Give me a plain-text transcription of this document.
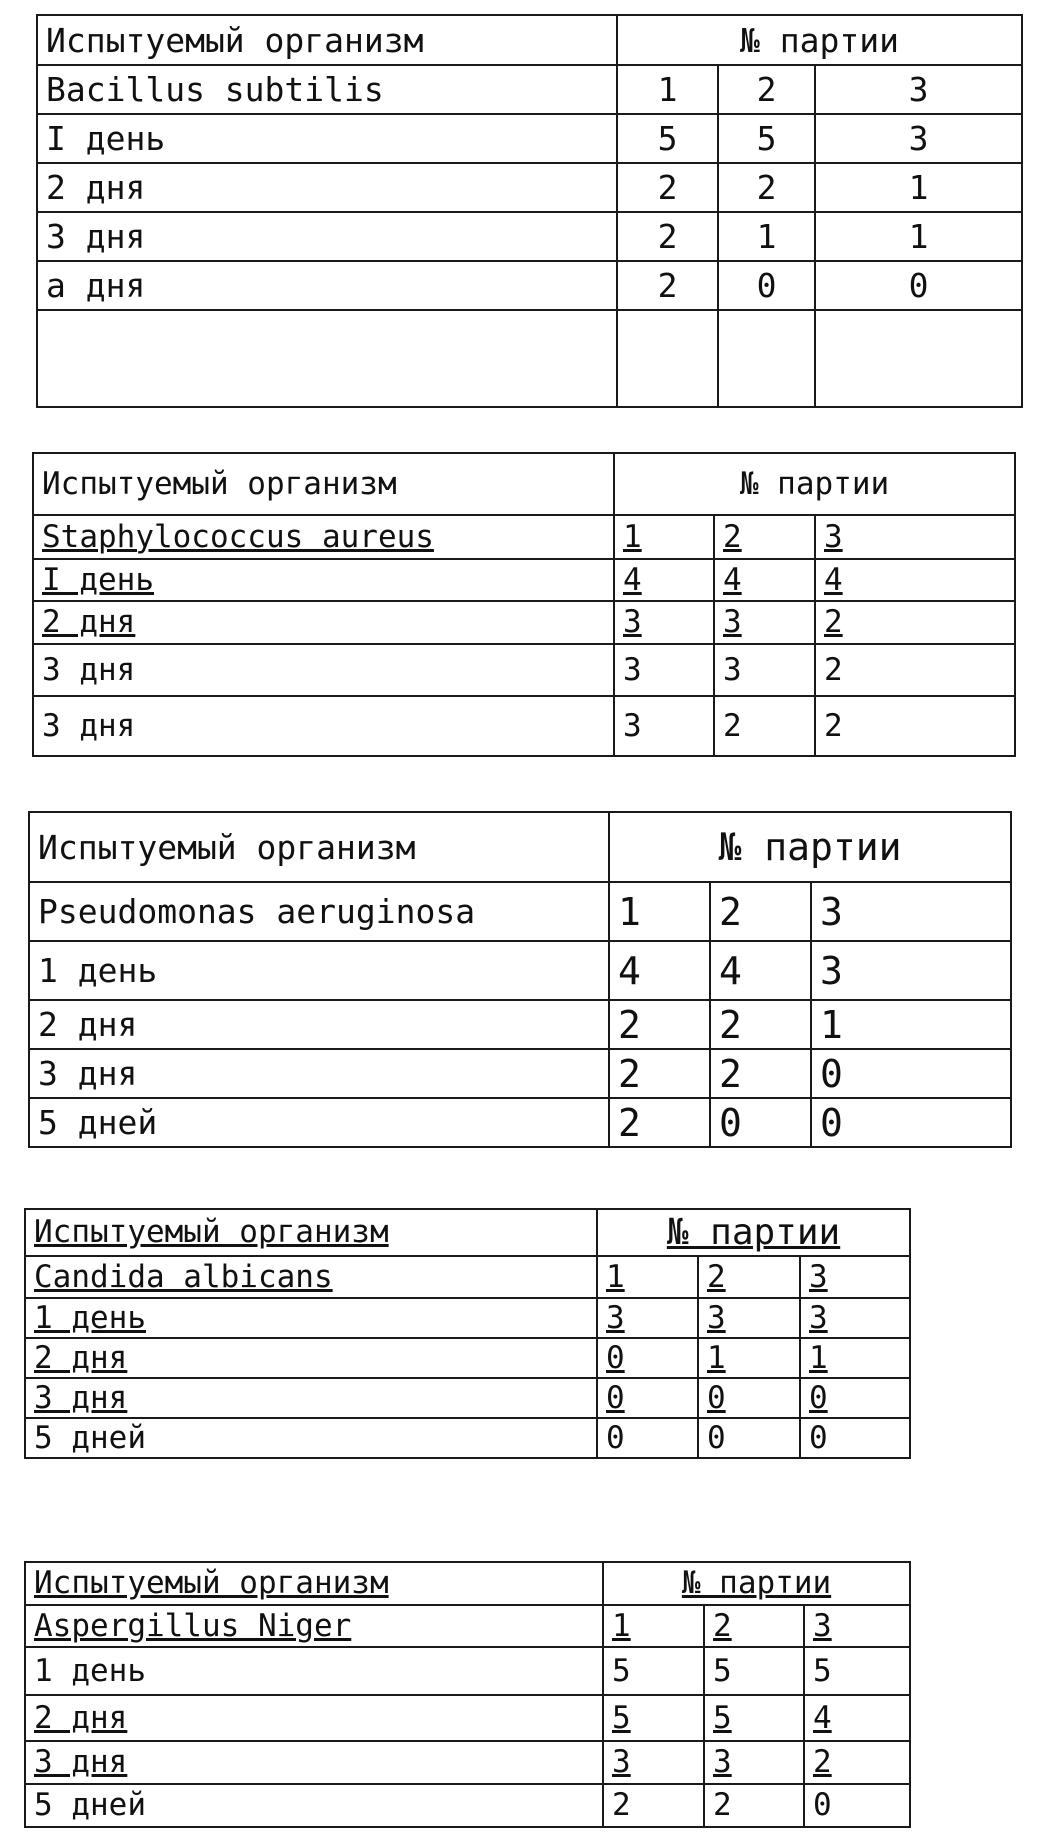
Испытуемый организм	№ партии		
Bacillus subtilis	1	2	3
I день	5	5	3
2 дня	2	2	1
3 дня	2	1	1
а дня	2	0	0

Испытуемый организм	№ партии		
Staphylococcus aureus	1	2	3
I день	4	4	4
2 дня	3	3	2
3 дня	3	3	2
3 дня	3	2	2
Испытуемый организм	№ партии		
Pseudomonas aeruginosa	1	2	3
1 день	4	4	3
2 дня	2	2	1
3 дня	2	2	0
5 дней	2	0	0
Испытуемый организм	№ партии		
Candida albicans	1	2	3
1 день	3	3	3
2 дня	0	1	1
3 дня	0	0	0
5 дней	0	0	0
Испытуемый организм	№ партии		
Aspergillus Niger	1	2	3
1 день	5	5	5
2 дня	5	5	4
3 дня	3	3	2
5 дней	2	2	0
